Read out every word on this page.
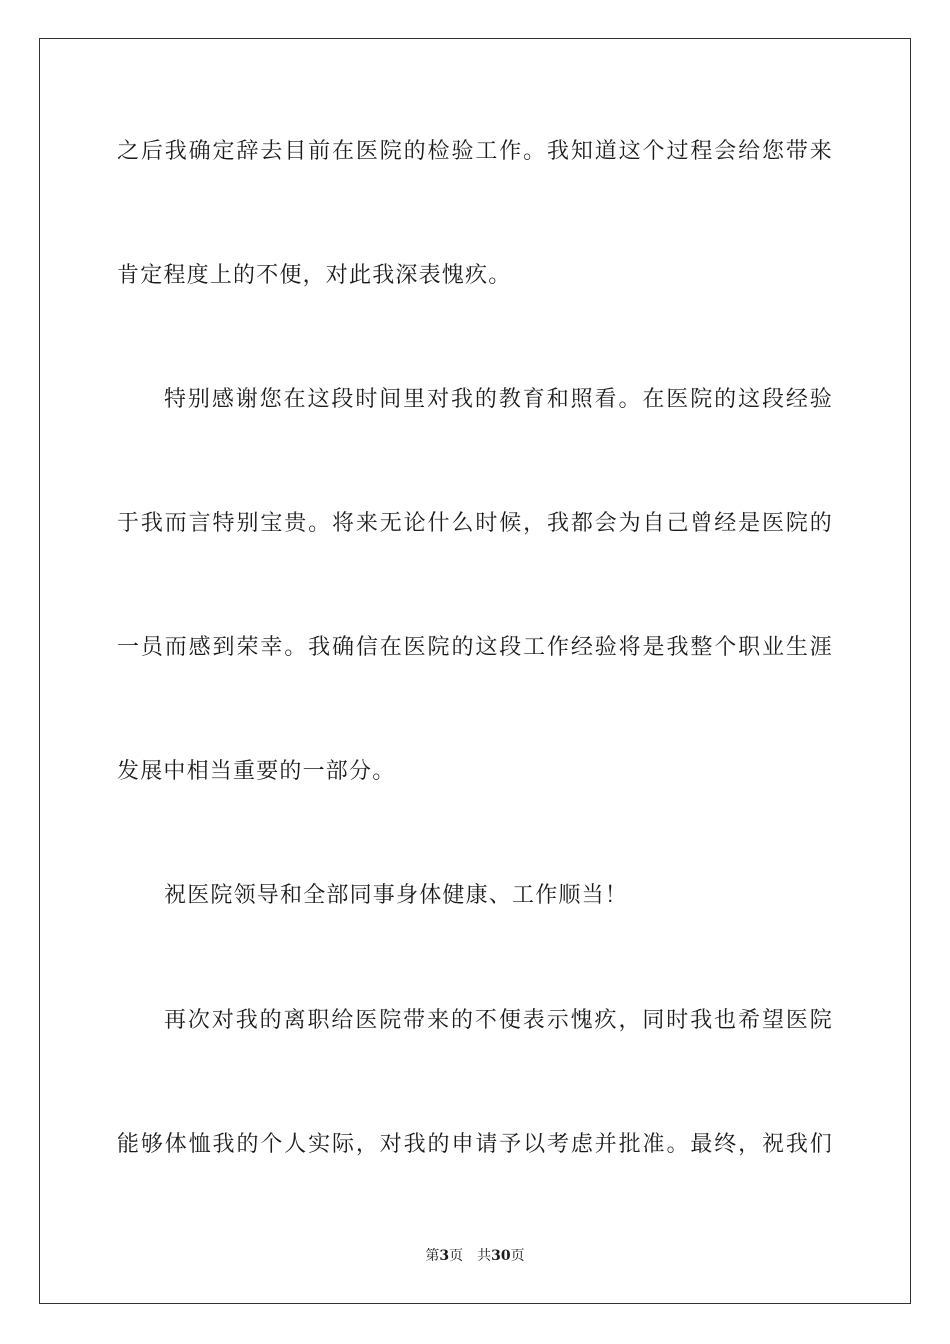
之后我确定辞去目前在医院的检验工作。我知道这个过程会给您带来
肯定程度上的不便，对此我深表愧疚。
特别感谢您在这段时间里对我的教育和照看。在医院的这段经验
于我而言特别宝贵。将来无论什么时候，我都会为自己曾经是医院的
一员而感到荣幸。我确信在医院的这段工作经验将是我整个职业生涯
发展中相当重要的一部分。
祝医院领导和全部同事身体健康、工作顺当！
再次对我的离职给医院带来的不便表示愧疚，同时我也希望医院
能够体恤我的个人实际，对我的申请予以考虑并批准。最终，祝我们
第3页 共30页
